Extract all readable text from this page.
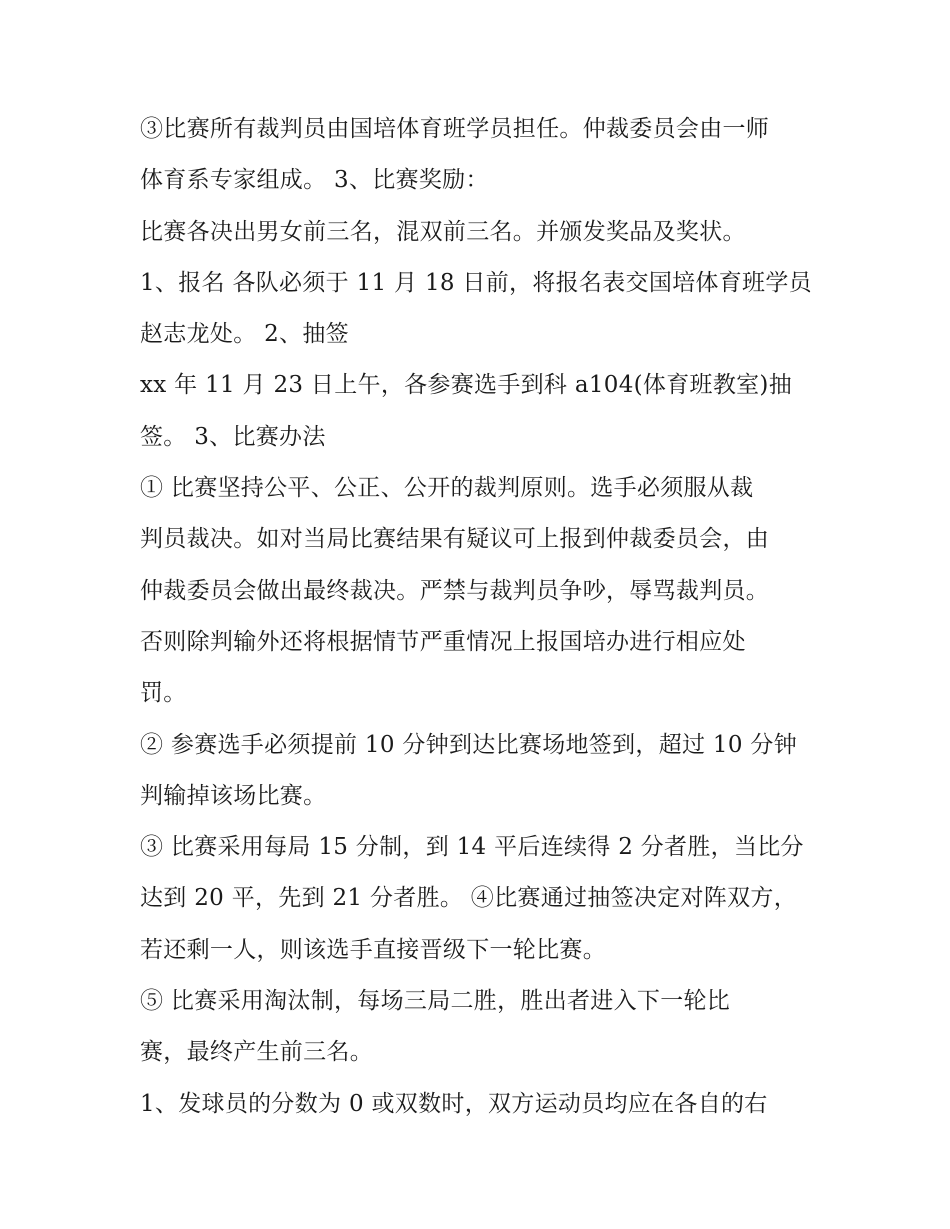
③比赛所有裁判员由国培体育班学员担任。仲裁委员会由一师
体育系专家组成。 3、比赛奖励：
比赛各决出男女前三名，混双前三名。并颁发奖品及奖状。
1、报名 各队必须于 11 月 18 日前，将报名表交国培体育班学员
赵志龙处。 2、抽签
xx 年 11 月 23 日上午，各参赛选手到科 a104(体育班教室)抽
签。 3、比赛办法
① 比赛坚持公平、公正、公开的裁判原则。选手必须服从裁
判员裁决。如对当局比赛结果有疑议可上报到仲裁委员会，由
仲裁委员会做出最终裁决。严禁与裁判员争吵，辱骂裁判员。
否则除判输外还将根据情节严重情况上报国培办进行相应处
罚。
② 参赛选手必须提前 10 分钟到达比赛场地签到，超过 10 分钟
判输掉该场比赛。
③ 比赛采用每局 15 分制，到 14 平后连续得 2 分者胜，当比分
达到 20 平，先到 21 分者胜。 ④比赛通过抽签决定对阵双方，
若还剩一人，则该选手直接晋级下一轮比赛。
⑤ 比赛采用淘汰制，每场三局二胜，胜出者进入下一轮比
赛，最终产生前三名。
1、发球员的分数为 0 或双数时，双方运动员均应在各自的右
